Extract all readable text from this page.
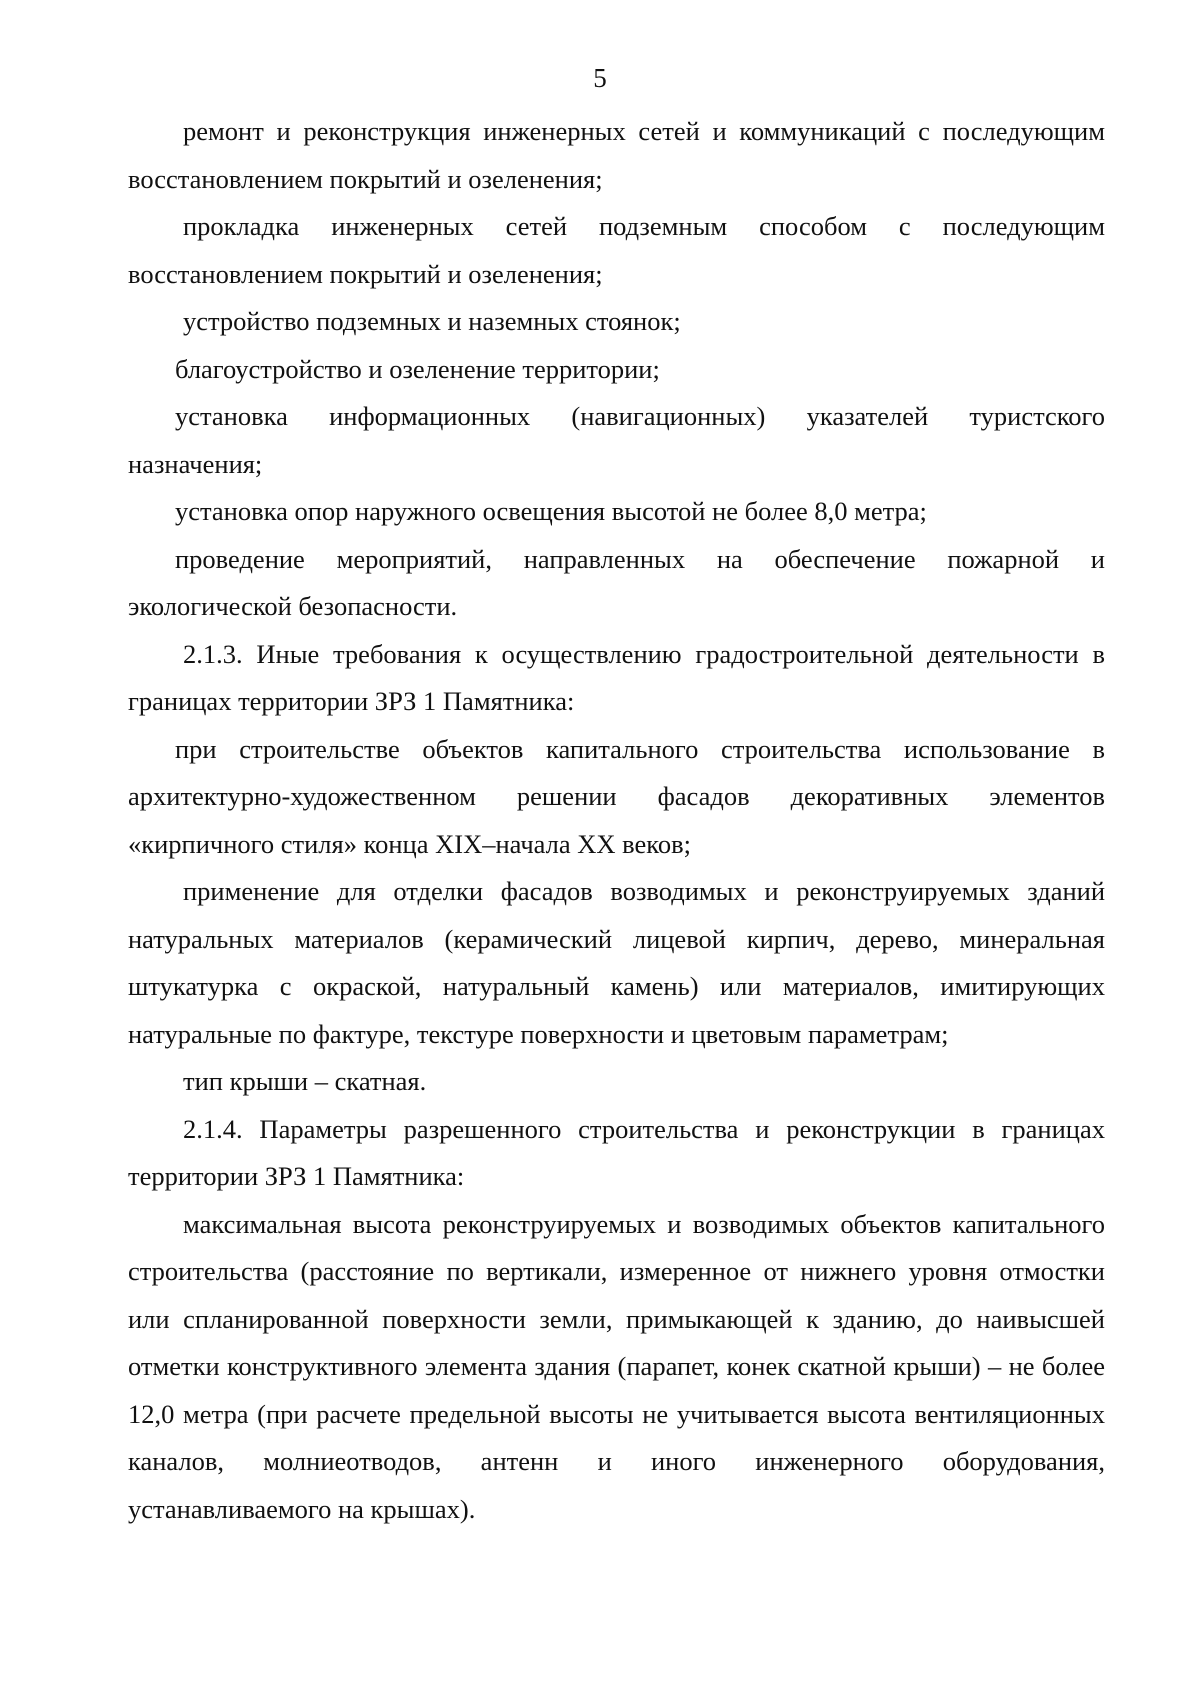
5

ремонт и реконструкция инженерных сетей и коммуникаций с последующим восстановлением покрытий и озеленения;

прокладка инженерных сетей подземным способом с последующим восстановлением покрытий и озеленения;

устройство подземных и наземных стоянок;

благоустройство и озеленение территории;

установка информационных (навигационных) указателей туристского назначения;

установка опор наружного освещения высотой не более 8,0 метра;

проведение мероприятий, направленных на обеспечение пожарной и экологической безопасности.

2.1.3. Иные требования к осуществлению градостроительной деятельности в границах территории ЗРЗ 1 Памятника:

при строительстве объектов капитального строительства использование в архитектурно-художественном решении фасадов декоративных элементов «кирпичного стиля» конца XIX–начала XX веков;

применение для отделки фасадов возводимых и реконструируемых зданий натуральных материалов (керамический лицевой кирпич, дерево, минеральная штукатурка с окраской, натуральный камень) или материалов, имитирующих натуральные по фактуре, текстуре поверхности и цветовым параметрам;

тип крыши – скатная.

2.1.4. Параметры разрешенного строительства и реконструкции в границах территории ЗРЗ 1 Памятника:

максимальная высота реконструируемых и возводимых объектов капитального строительства (расстояние по вертикали, измеренное от нижнего уровня отмостки или спланированной поверхности земли, примыкающей к зданию, до наивысшей отметки конструктивного элемента здания (парапет, конек скатной крыши) – не более 12,0 метра (при расчете предельной высоты не учитывается высота вентиляционных каналов, молниеотводов, антенн и иного инженерного оборудования, устанавливаемого на крышах).
